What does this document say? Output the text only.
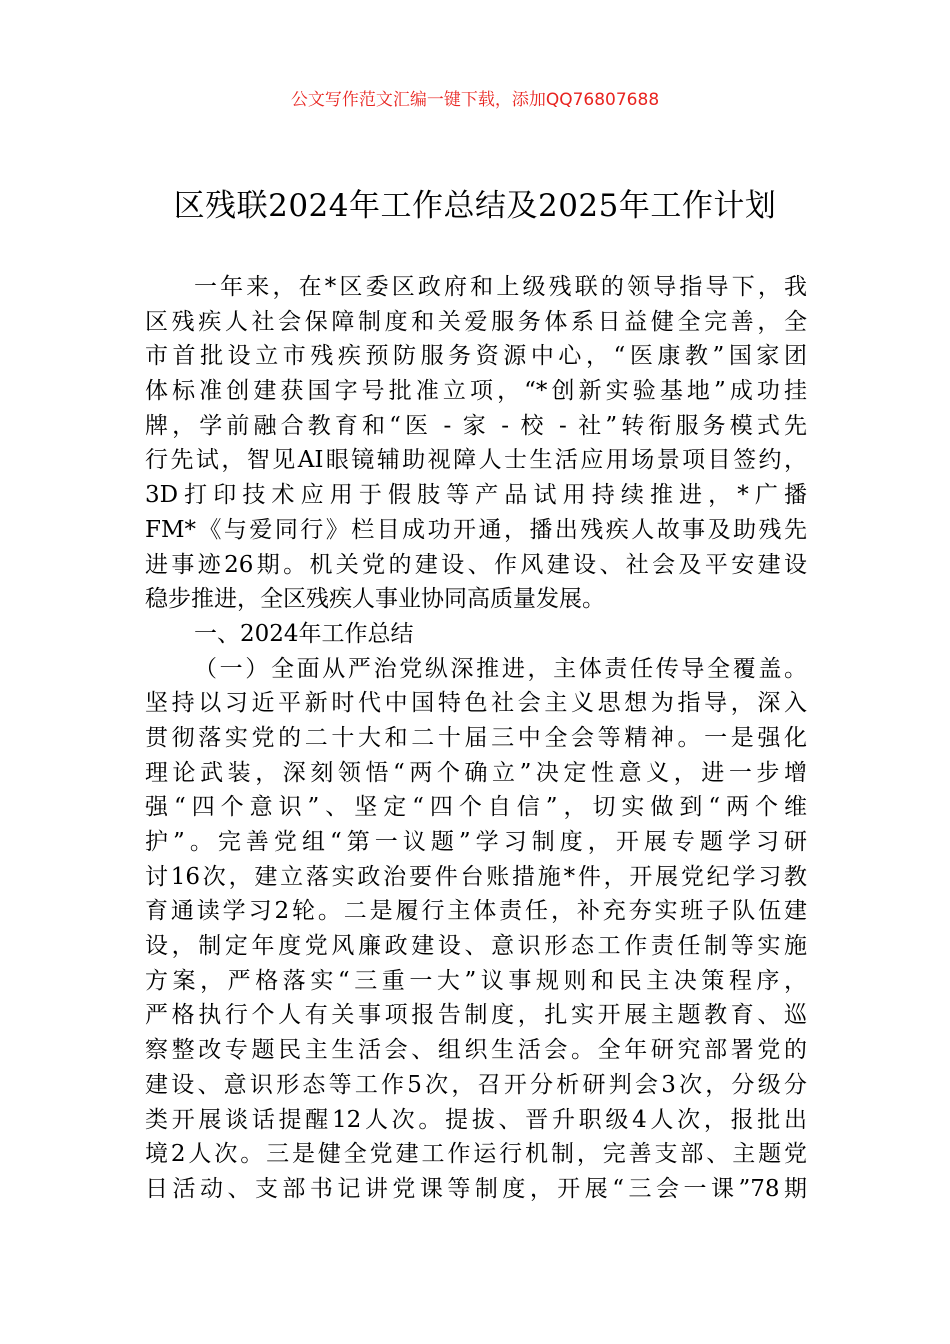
公文写作范文汇编一键下载，添加QQ76807688
区残联2024年工作总结及2025年工作计划
一年来，在*区委区政府和上级残联的领导指导下，我
区残疾人社会保障制度和关爱服务体系日益健全完善，全
市首批设立市残疾预防服务资源中心，“医康教”国家团
体标准创建获国字号批准立项，“*创新实验基地”成功挂
牌，学前融合教育和“医 - 家 - 校 - 社”转衔服务模式先
行先试，智见AI眼镜辅助视障人士生活应用场景项目签约，
3D打印技术应用于假肢等产品试用持续推进，*广播
FM*《与爱同行》栏目成功开通，播出残疾人故事及助残先
进事迹26期。机关党的建设、作风建设、社会及平安建设
稳步推进，全区残疾人事业协同高质量发展。
一、2024年工作总结
（一）全面从严治党纵深推进，主体责任传导全覆盖。
坚持以习近平新时代中国特色社会主义思想为指导，深入
贯彻落实党的二十大和二十届三中全会等精神。一是强化
理论武装，深刻领悟“两个确立”决定性意义，进一步增
强“四个意识”、坚定“四个自信”，切实做到“两个维
护”。完善党组“第一议题”学习制度，开展专题学习研
讨16次，建立落实政治要件台账措施*件，开展党纪学习教
育通读学习2轮。二是履行主体责任，补充夯实班子队伍建
设，制定年度党风廉政建设、意识形态工作责任制等实施
方案，严格落实“三重一大”议事规则和民主决策程序，
严格执行个人有关事项报告制度，扎实开展主题教育、巡
察整改专题民主生活会、组织生活会。全年研究部署党的
建设、意识形态等工作5次，召开分析研判会3次，分级分
类开展谈话提醒12人次。提拔、晋升职级4人次，报批出
境2人次。三是健全党建工作运行机制，完善支部、主题党
日活动、支部书记讲党课等制度，开展“三会一课”78期
